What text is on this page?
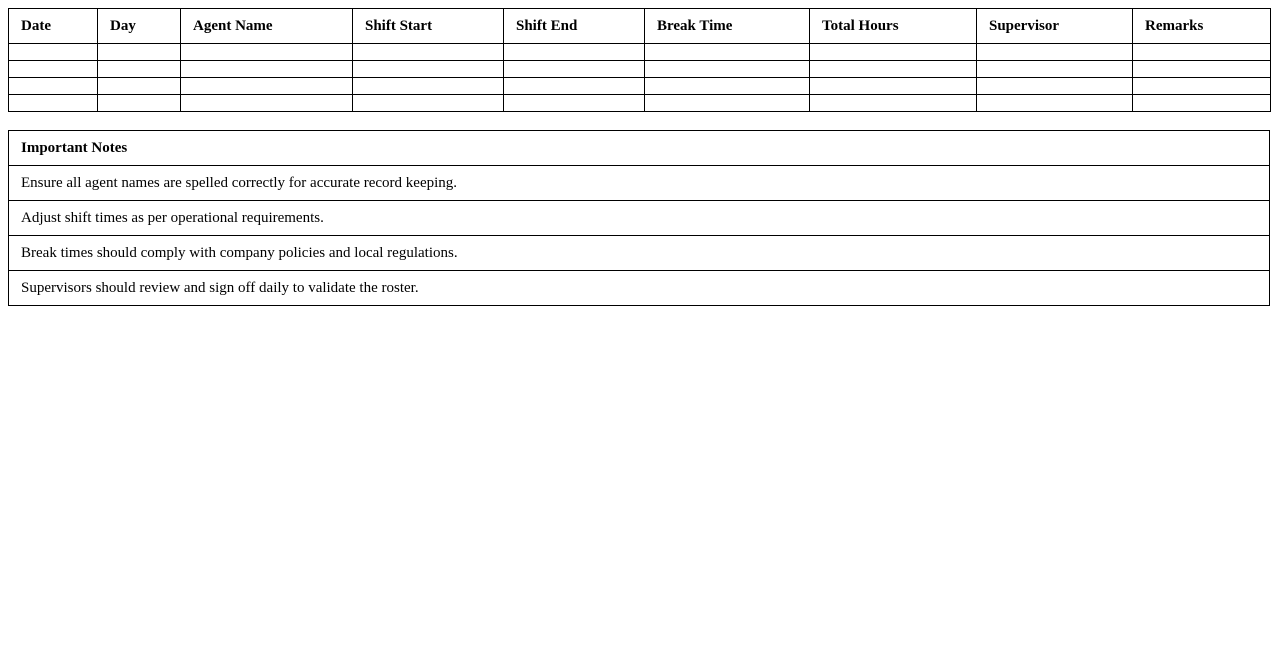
Date	Day	Agent Name	Shift Start	Shift End	Break Time	Total Hours	Supervisor	Remarks

Important Notes
Ensure all agent names are spelled correctly for accurate record keeping.
Adjust shift times as per operational requirements.
Break times should comply with company policies and local regulations.
Supervisors should review and sign off daily to validate the roster.
